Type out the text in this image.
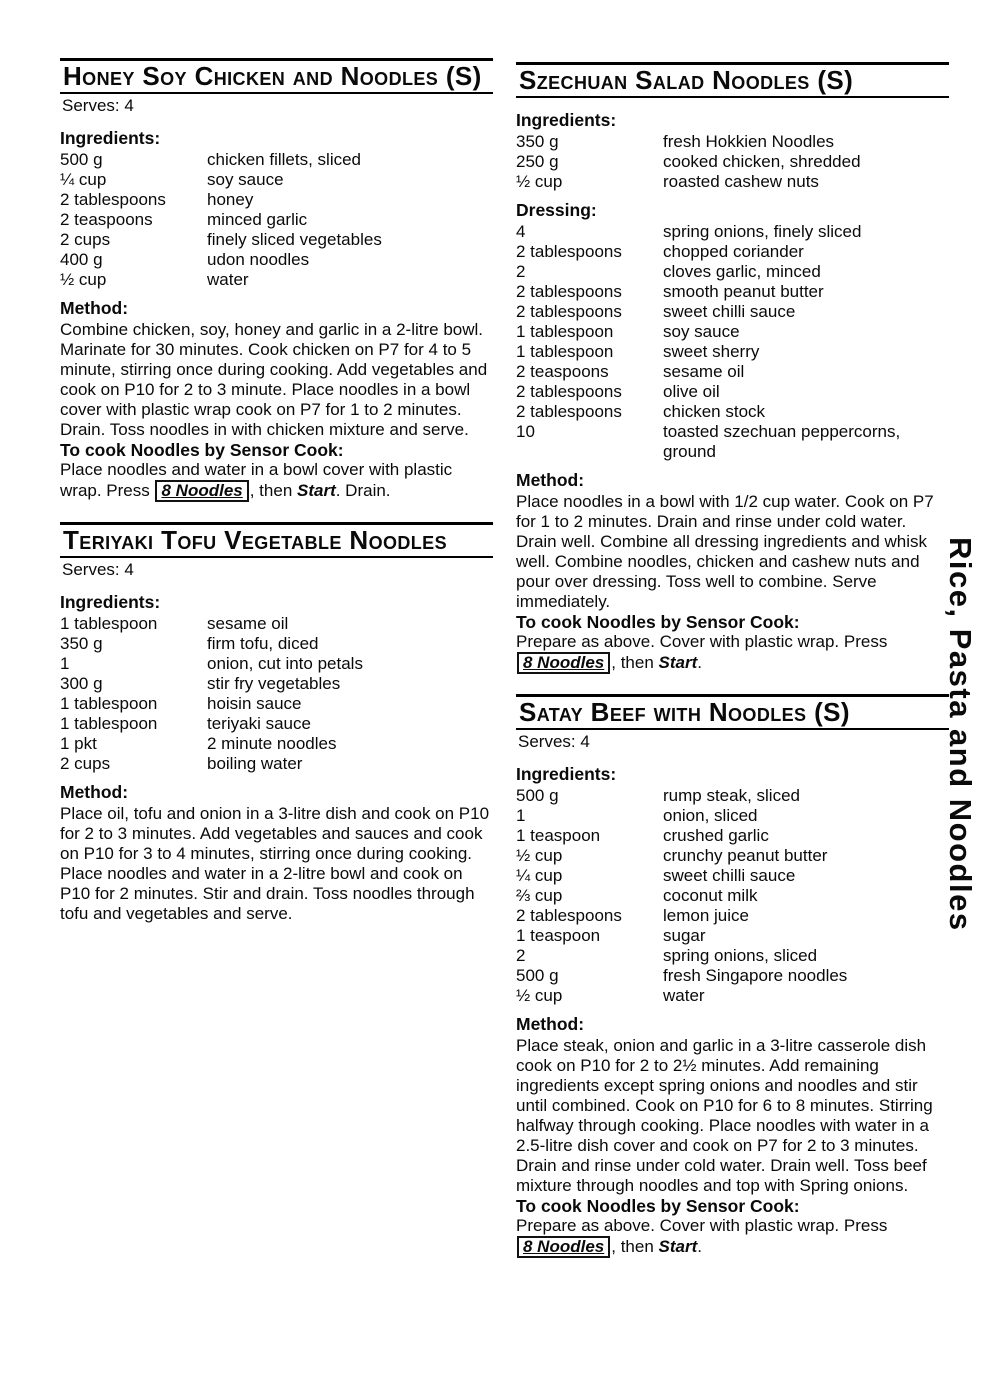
Honey Soy Chicken and Noodles (S)
Serves: 4
Ingredients:
500 g	chicken fillets, sliced
¼ cup	soy sauce
2 tablespoons	honey
2 teaspoons	minced garlic
2 cups	finely sliced vegetables
400 g	udon noodles
½ cup	water
Method:
Combine chicken, soy, honey and garlic in a 2-litre bowl. Marinate for 30 minutes. Cook chicken on P7 for 4 to 5 minute, stirring once during cooking. Add vegetables and cook on P10 for 2 to 3 minute. Place noodles in a bowl cover with plastic wrap cook on P7 for 1 to 2 minutes. Drain. Toss noodles in with chicken mixture and serve.
To cook Noodles by Sensor Cook:
Place noodles and water in a bowl cover with plastic wrap. Press 8 Noodles , then Start. Drain.
Teriyaki Tofu Vegetable Noodles
Serves: 4
Ingredients:
1 tablespoon	sesame oil
350 g	firm tofu, diced
1	onion, cut into petals
300 g	stir fry vegetables
1 tablespoon	hoisin sauce
1 tablespoon	teriyaki sauce
1 pkt	2 minute noodles
2 cups	boiling water
Method:
Place oil, tofu and onion in a 3-litre dish and cook on P10 for 2 to 3 minutes. Add vegetables and sauces and cook on P10 for 3 to 4 minutes, stirring once during cooking. Place noodles and water in a 2-litre bowl and cook on P10 for 2 minutes. Stir and drain. Toss noodles through tofu and vegetables and serve.
Szechuan Salad Noodles (S)
Ingredients:
350 g	fresh Hokkien Noodles
250 g	cooked chicken, shredded
½ cup	roasted cashew nuts
Dressing:
4	spring onions, finely sliced
2 tablespoons	chopped coriander
2	cloves garlic, minced
2 tablespoons	smooth peanut butter
2 tablespoons	sweet chilli sauce
1 tablespoon	soy sauce
1 tablespoon	sweet sherry
2 teaspoons	sesame oil
2 tablespoons	olive oil
2 tablespoons	chicken stock
10	toasted szechuan peppercorns, ground
Method:
Place noodles in a bowl with 1/2 cup water. Cook on P7 for 1 to 2 minutes. Drain and rinse under cold water. Drain well. Combine all dressing ingredients and whisk well. Combine noodles, chicken and cashew nuts and pour over dressing. Toss well to combine. Serve immediately.
To cook Noodles by Sensor Cook:
Prepare as above. Cover with plastic wrap. Press 8 Noodles , then Start.
Satay Beef with Noodles (S)
Serves: 4
Ingredients:
500 g	rump steak, sliced
1	onion, sliced
1 teaspoon	crushed garlic
½ cup	crunchy peanut butter
¼ cup	sweet chilli sauce
⅔ cup	coconut milk
2 tablespoons	lemon juice
1 teaspoon	sugar
2	spring onions, sliced
500 g	fresh Singapore noodles
½ cup	water
Method:
Place steak, onion and garlic in a 3-litre casserole dish cook on P10 for 2 to 2½ minutes. Add remaining ingredients except spring onions and noodles and stir until combined. Cook on P10 for 6 to 8 minutes. Stirring halfway through cooking. Place noodles with water in a 2.5-litre dish cover and cook on P7 for 2 to 3 minutes. Drain and rinse under cold water. Drain well. Toss beef mixture through noodles and top with Spring onions.
To cook Noodles by Sensor Cook:
Prepare as above. Cover with plastic wrap. Press 8 Noodles , then Start.
Rice, Pasta and Noodles
